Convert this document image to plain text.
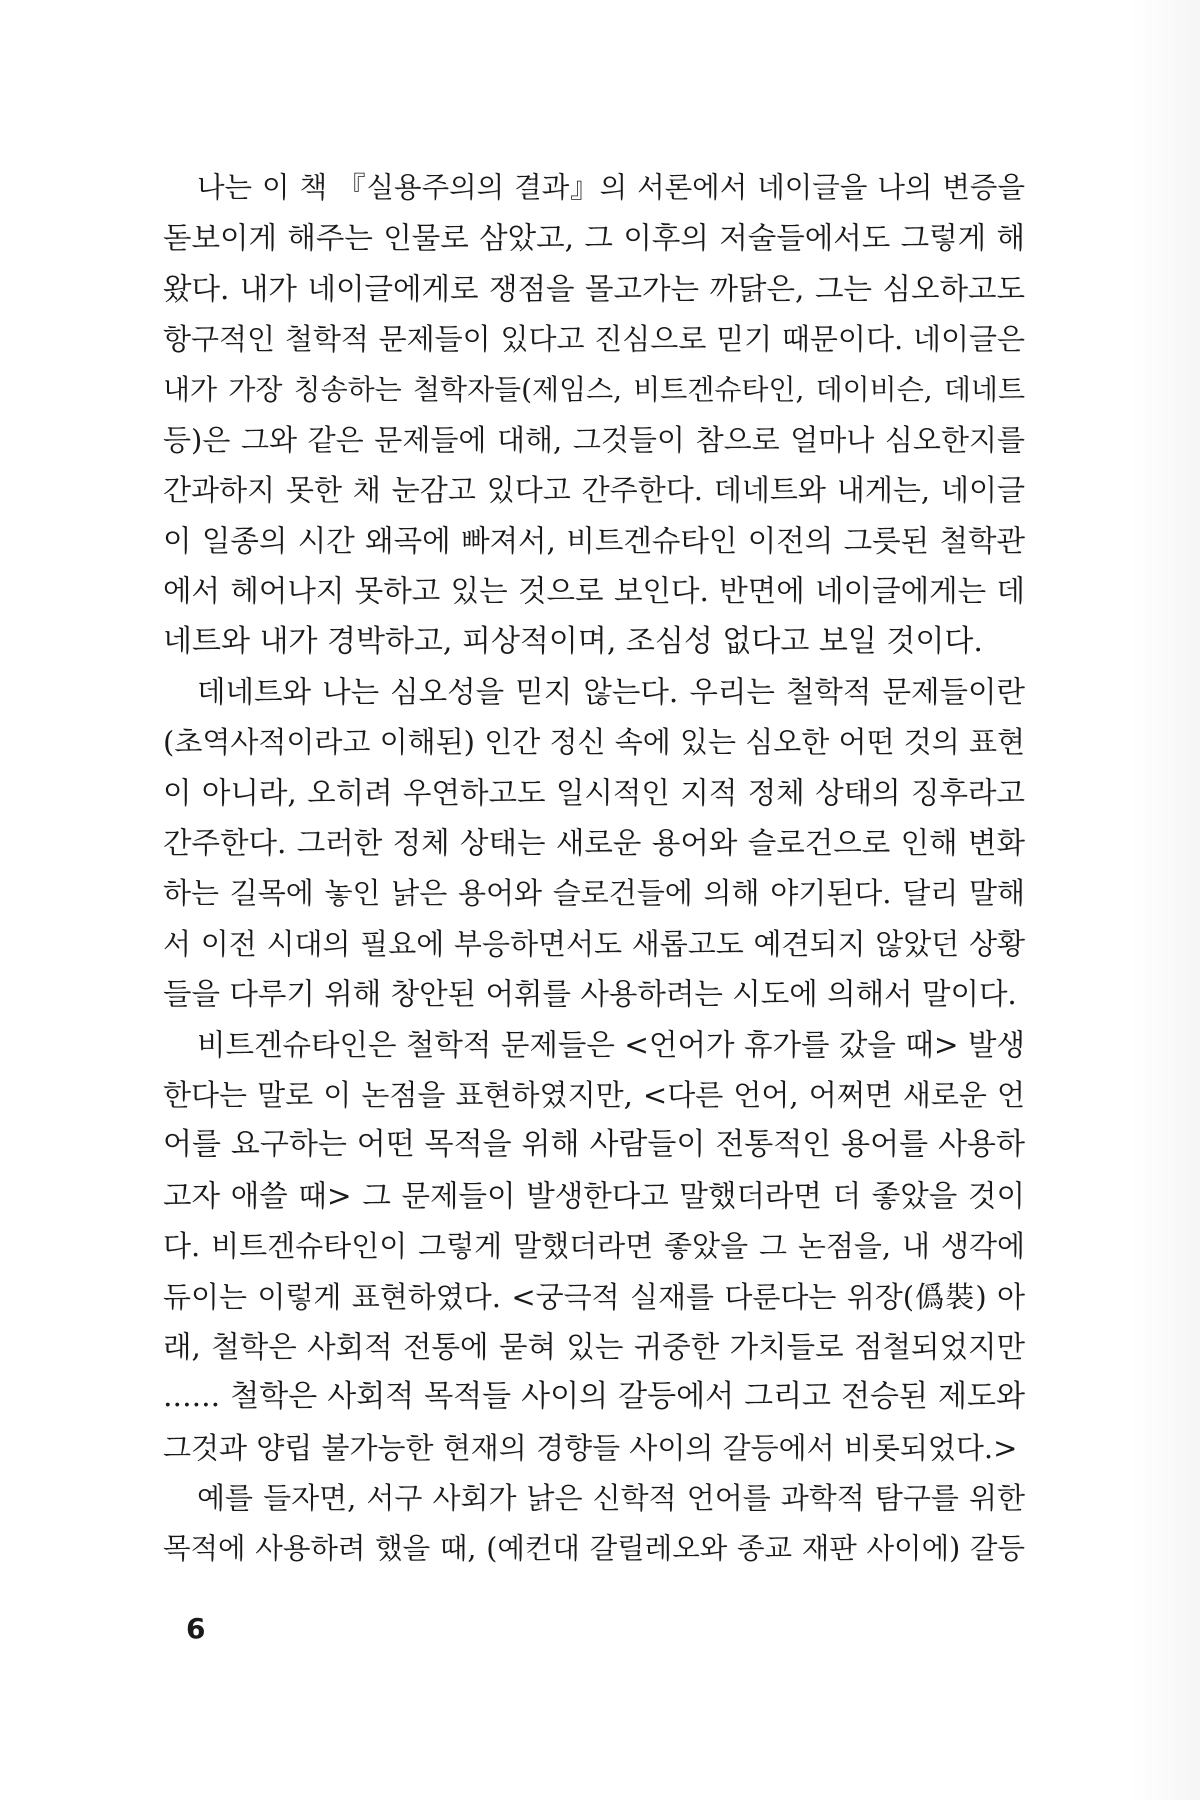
나는 이 책 『실용주의의 결과』의 서론에서 네이글을 나의 변증을
돋보이게 해주는 인물로 삼았고, 그 이후의 저술들에서도 그렇게 해
왔다. 내가 네이글에게로 쟁점을 몰고가는 까닭은, 그는 심오하고도
항구적인 철학적 문제들이 있다고 진심으로 믿기 때문이다. 네이글은
내가 가장 칭송하는 철학자들(제임스, 비트겐슈타인, 데이비슨, 데네트
등)은 그와 같은 문제들에 대해, 그것들이 참으로 얼마나 심오한지를
간과하지 못한 채 눈감고 있다고 간주한다. 데네트와 내게는, 네이글
이 일종의 시간 왜곡에 빠져서, 비트겐슈타인 이전의 그릇된 철학관
에서 헤어나지 못하고 있는 것으로 보인다. 반면에 네이글에게는 데
네트와 내가 경박하고, 피상적이며, 조심성 없다고 보일 것이다.
데네트와 나는 심오성을 믿지 않는다. 우리는 철학적 문제들이란
(초역사적이라고 이해된) 인간 정신 속에 있는 심오한 어떤 것의 표현
이 아니라, 오히려 우연하고도 일시적인 지적 정체 상태의 징후라고
간주한다. 그러한 정체 상태는 새로운 용어와 슬로건으로 인해 변화
하는 길목에 놓인 낡은 용어와 슬로건들에 의해 야기된다. 달리 말해
서 이전 시대의 필요에 부응하면서도 새롭고도 예견되지 않았던 상황
들을 다루기 위해 창안된 어휘를 사용하려는 시도에 의해서 말이다.
비트겐슈타인은 철학적 문제들은 <언어가 휴가를 갔을 때> 발생
한다는 말로 이 논점을 표현하였지만, <다른 언어, 어쩌면 새로운 언
어를 요구하는 어떤 목적을 위해 사람들이 전통적인 용어를 사용하
고자 애쓸 때> 그 문제들이 발생한다고 말했더라면 더 좋았을 것이
다. 비트겐슈타인이 그렇게 말했더라면 좋았을 그 논점을, 내 생각에
듀이는 이렇게 표현하였다. <궁극적 실재를 다룬다는 위장(僞裝) 아
래, 철학은 사회적 전통에 묻혀 있는 귀중한 가치들로 점철되었지만
...... 철학은 사회적 목적들 사이의 갈등에서 그리고 전승된 제도와
그것과 양립 불가능한 현재의 경향들 사이의 갈등에서 비롯되었다.>
예를 들자면, 서구 사회가 낡은 신학적 언어를 과학적 탐구를 위한
목적에 사용하려 했을 때, (예컨대 갈릴레오와 종교 재판 사이에) 갈등
6
